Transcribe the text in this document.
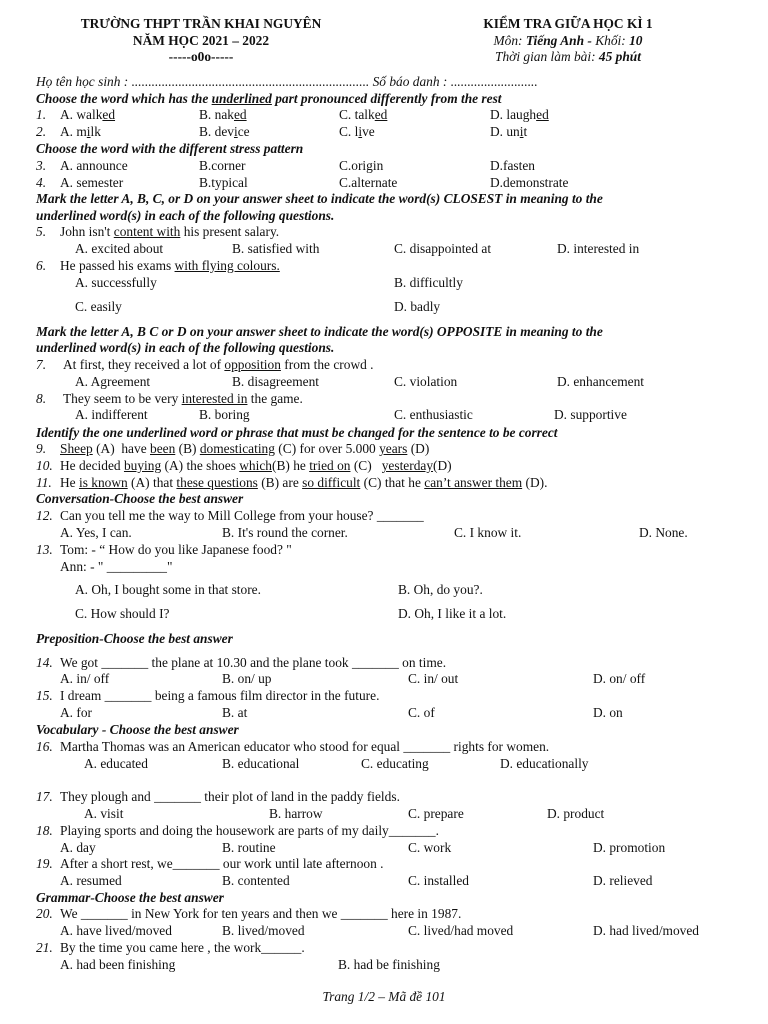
TRƯỜNG THPT TRẦN KHAI NGUYÊN
NĂM HỌC 2021 – 2022
-----o0o-----
KIỂM TRA GIỮA HỌC KÌ 1
Môn: Tiếng Anh - Khối: 10
Thời gian làm bài: 45 phút
Họ tên học sinh : ....................................................................... Số báo danh : ..........................
Choose the word which has the underlined part pronounced differently from the rest
1. A. walked	B. naked	C. talked	D. laughed
2. A. milk	B. device	C. live	D. unit
Choose the word with the different stress pattern
3. A. announce	B.corner	C.origin	D.fasten
4. A. semester	B.typical	C.alternate	D.demonstrate
Mark the letter A, B, C, or D on your answer sheet to indicate the word(s) CLOSEST in meaning to the
underlined word(s) in each of the following questions.
5. John isn't content with his present salary.
A. excited about	B. satisfied with	C. disappointed at	D. interested in
6. He passed his exams with flying colours.
A. successfully	B. difficultly
C. easily	D. badly
Mark the letter A, B C or D on your answer sheet to indicate the word(s) OPPOSITE in meaning to the
underlined word(s) in each of the following questions.
7. At first, they received a lot of opposition from the crowd .
A. Agreement	B. disagreement	C. violation	D. enhancement
8. They seem to be very interested in the game.
A. indifferent	B. boring	C. enthusiastic	D. supportive
Identify the one underlined word or phrase that must be changed for the sentence to be correct
9. Sheep (A)  have been (B) domesticating (C) for over 5.000 years (D)
10. He decided buying (A) the shoes which(B) he tried on (C)   yesterday(D)
11. He is known (A) that these questions (B) are so difficult (C) that he can’t answer them (D).
Conversation-Choose the best answer
12. Can you tell me the way to Mill College from your house? _______
A. Yes, I can.	B. It's round the corner.	C. I know it.	D. None.
13. Tom: - “ How do you like Japanese food? "
Ann: - " _________"
A. Oh, I bought some in that store.	B. Oh, do you?.
C. How should I?	D. Oh, I like it a lot.
Preposition-Choose the best answer
14. We got _______ the plane at 10.30 and the plane took _______ on time.
A. in/ off	B. on/ up	C. in/ out	D. on/ off
15. I dream _______ being a famous film director in the future.
A. for	B. at	C. of	D. on
Vocabulary - Choose the best answer
16. Martha Thomas was an American educator who stood for equal _______ rights for women.
A. educated	B. educational	C. educating	D. educationally
17. They plough and _______ their plot of land in the paddy fields.
A. visit	B. harrow	C. prepare	D. product
18. Playing sports and doing the housework are parts of my daily_______.
A. day	B. routine	C. work	D. promotion
19. After a short rest, we_______ our work until late afternoon .
A. resumed	B. contented	C. installed	D. relieved
Grammar-Choose the best answer
20. We _______ in New York for ten years and then we _______ here in 1987.
A. have lived/moved	B. lived/moved	C. lived/had moved	D. had lived/moved
21. By the time you came here , the work______.
A. had been finishing	B. had be finishing
Trang 1/2 – Mã đề 101
